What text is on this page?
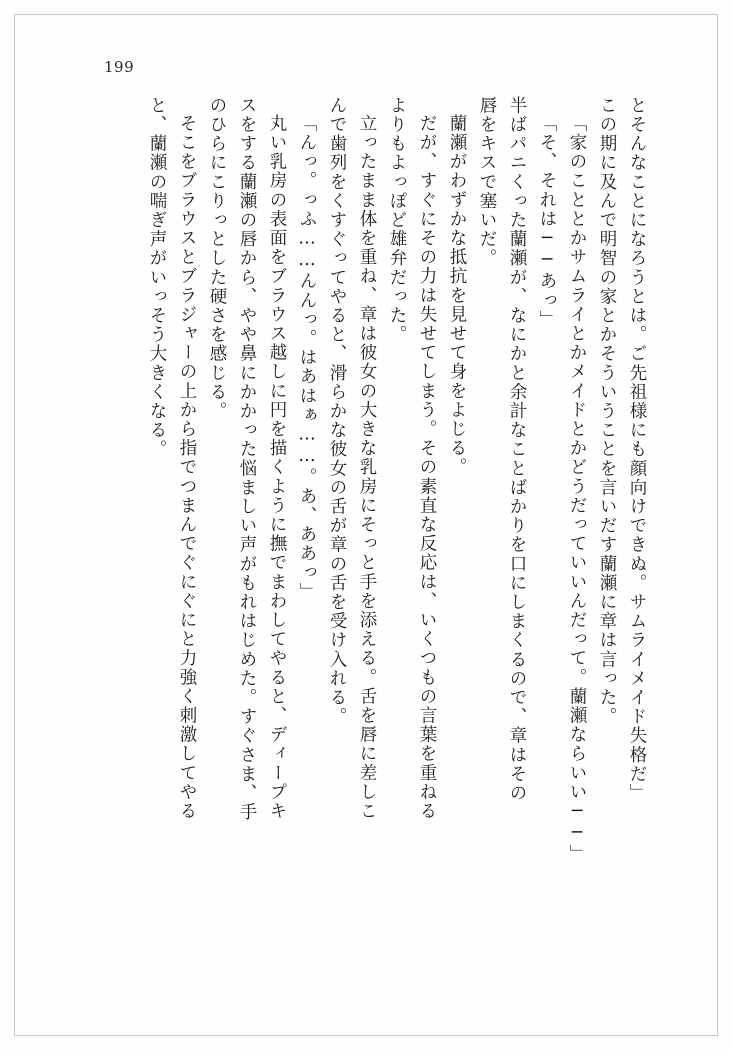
199
とそんなことになろうとは。ご先祖様にも顔向けできぬ。サムライメイド失格だ」
この期に及んで明智の家とかそういうことを言いだす蘭瀬に章は言った。
「家のこととかサムライとかメイドとかどうだっていいんだって。蘭瀬ならいい──」
「そ、それは──あっ」
半ばパニくった蘭瀬が、なにかと余計なことばかりを口にしまくるので、章はその
唇をキスで塞いだ。
蘭瀬がわずかな抵抗を見せて身をよじる。
だが、すぐにその力は失せてしまう。その素直な反応は、いくつもの言葉を重ねる
よりもよっぽど雄弁だった。
立ったまま体を重ね、章は彼女の大きな乳房にそっと手を添える。舌を唇に差しこ
んで歯列をくすぐってやると、滑らかな彼女の舌が章の舌を受け入れる。
「んっ。っふ……んんっ。はあはぁ……。あ、ああっ」
丸い乳房の表面をブラウス越しに円を描くように撫でまわしてやると、ディープキ
スをする蘭瀬の唇から、やや鼻にかかった悩ましい声がもれはじめた。すぐさま、手
のひらにこりっとした硬さを感じる。
そこをブラウスとブラジャーの上から指でつまんでぐにぐにと力強く刺激してやる
と、蘭瀬の喘ぎ声がいっそう大きくなる。
